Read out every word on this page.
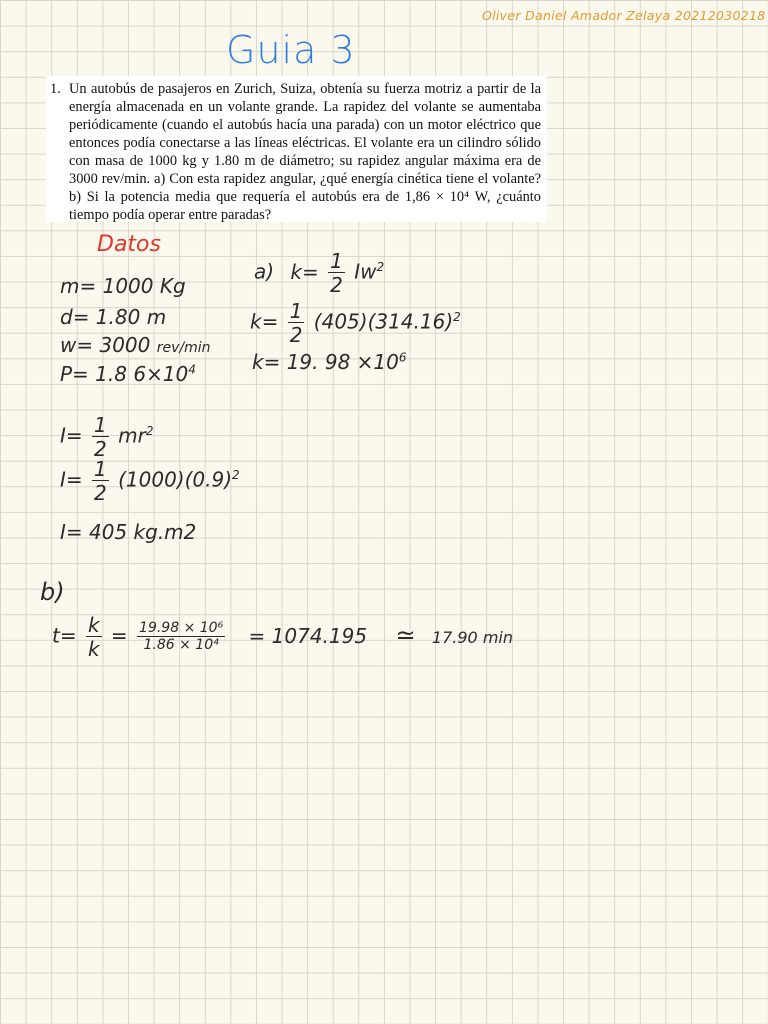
Oliver Daniel Amador Zelaya 20212030218
Guia 3
1. Un autobús de pasajeros en Zurich, Suiza, obtenía su fuerza motriz a partir de la energía almacenada en un volante grande. La rapidez del volante se aumentaba periódicamente (cuando el autobús hacía una parada) con un motor eléctrico que entonces podía conectarse a las líneas eléctricas. El volante era un cilindro sólido con masa de 1000 kg y 1.80 m de diámetro; su rapidez angular máxima era de 3000 rev/min. a) Con esta rapidez angular, ¿qué energía cinética tiene el volante? b) Si la potencia media que requería el autobús era de 1,86 × 10⁴ W, ¿cuánto tiempo podía operar entre paradas?
Datos
m= 1000 Kg
d= 1.80 m
w= 3000 rev/min
P= 1.8 $6\times 10^4$
$I= \frac{1}{2} mr^2$
$I= \frac{1}{2} (1000)(0.9)^2$
I= 405 kg.m2
a) $k= \frac{1}{2} Iw^2$
$k= \frac{1}{2} (405)(314.16)^2$
k= 19. $98 \times 10^6$
b)
$t= \frac{k}{k} = \frac{\text{19.98 × 10⁶}}{\text{1.86 × 10⁴}} = 1074.195$ ≃ 17.90 min
